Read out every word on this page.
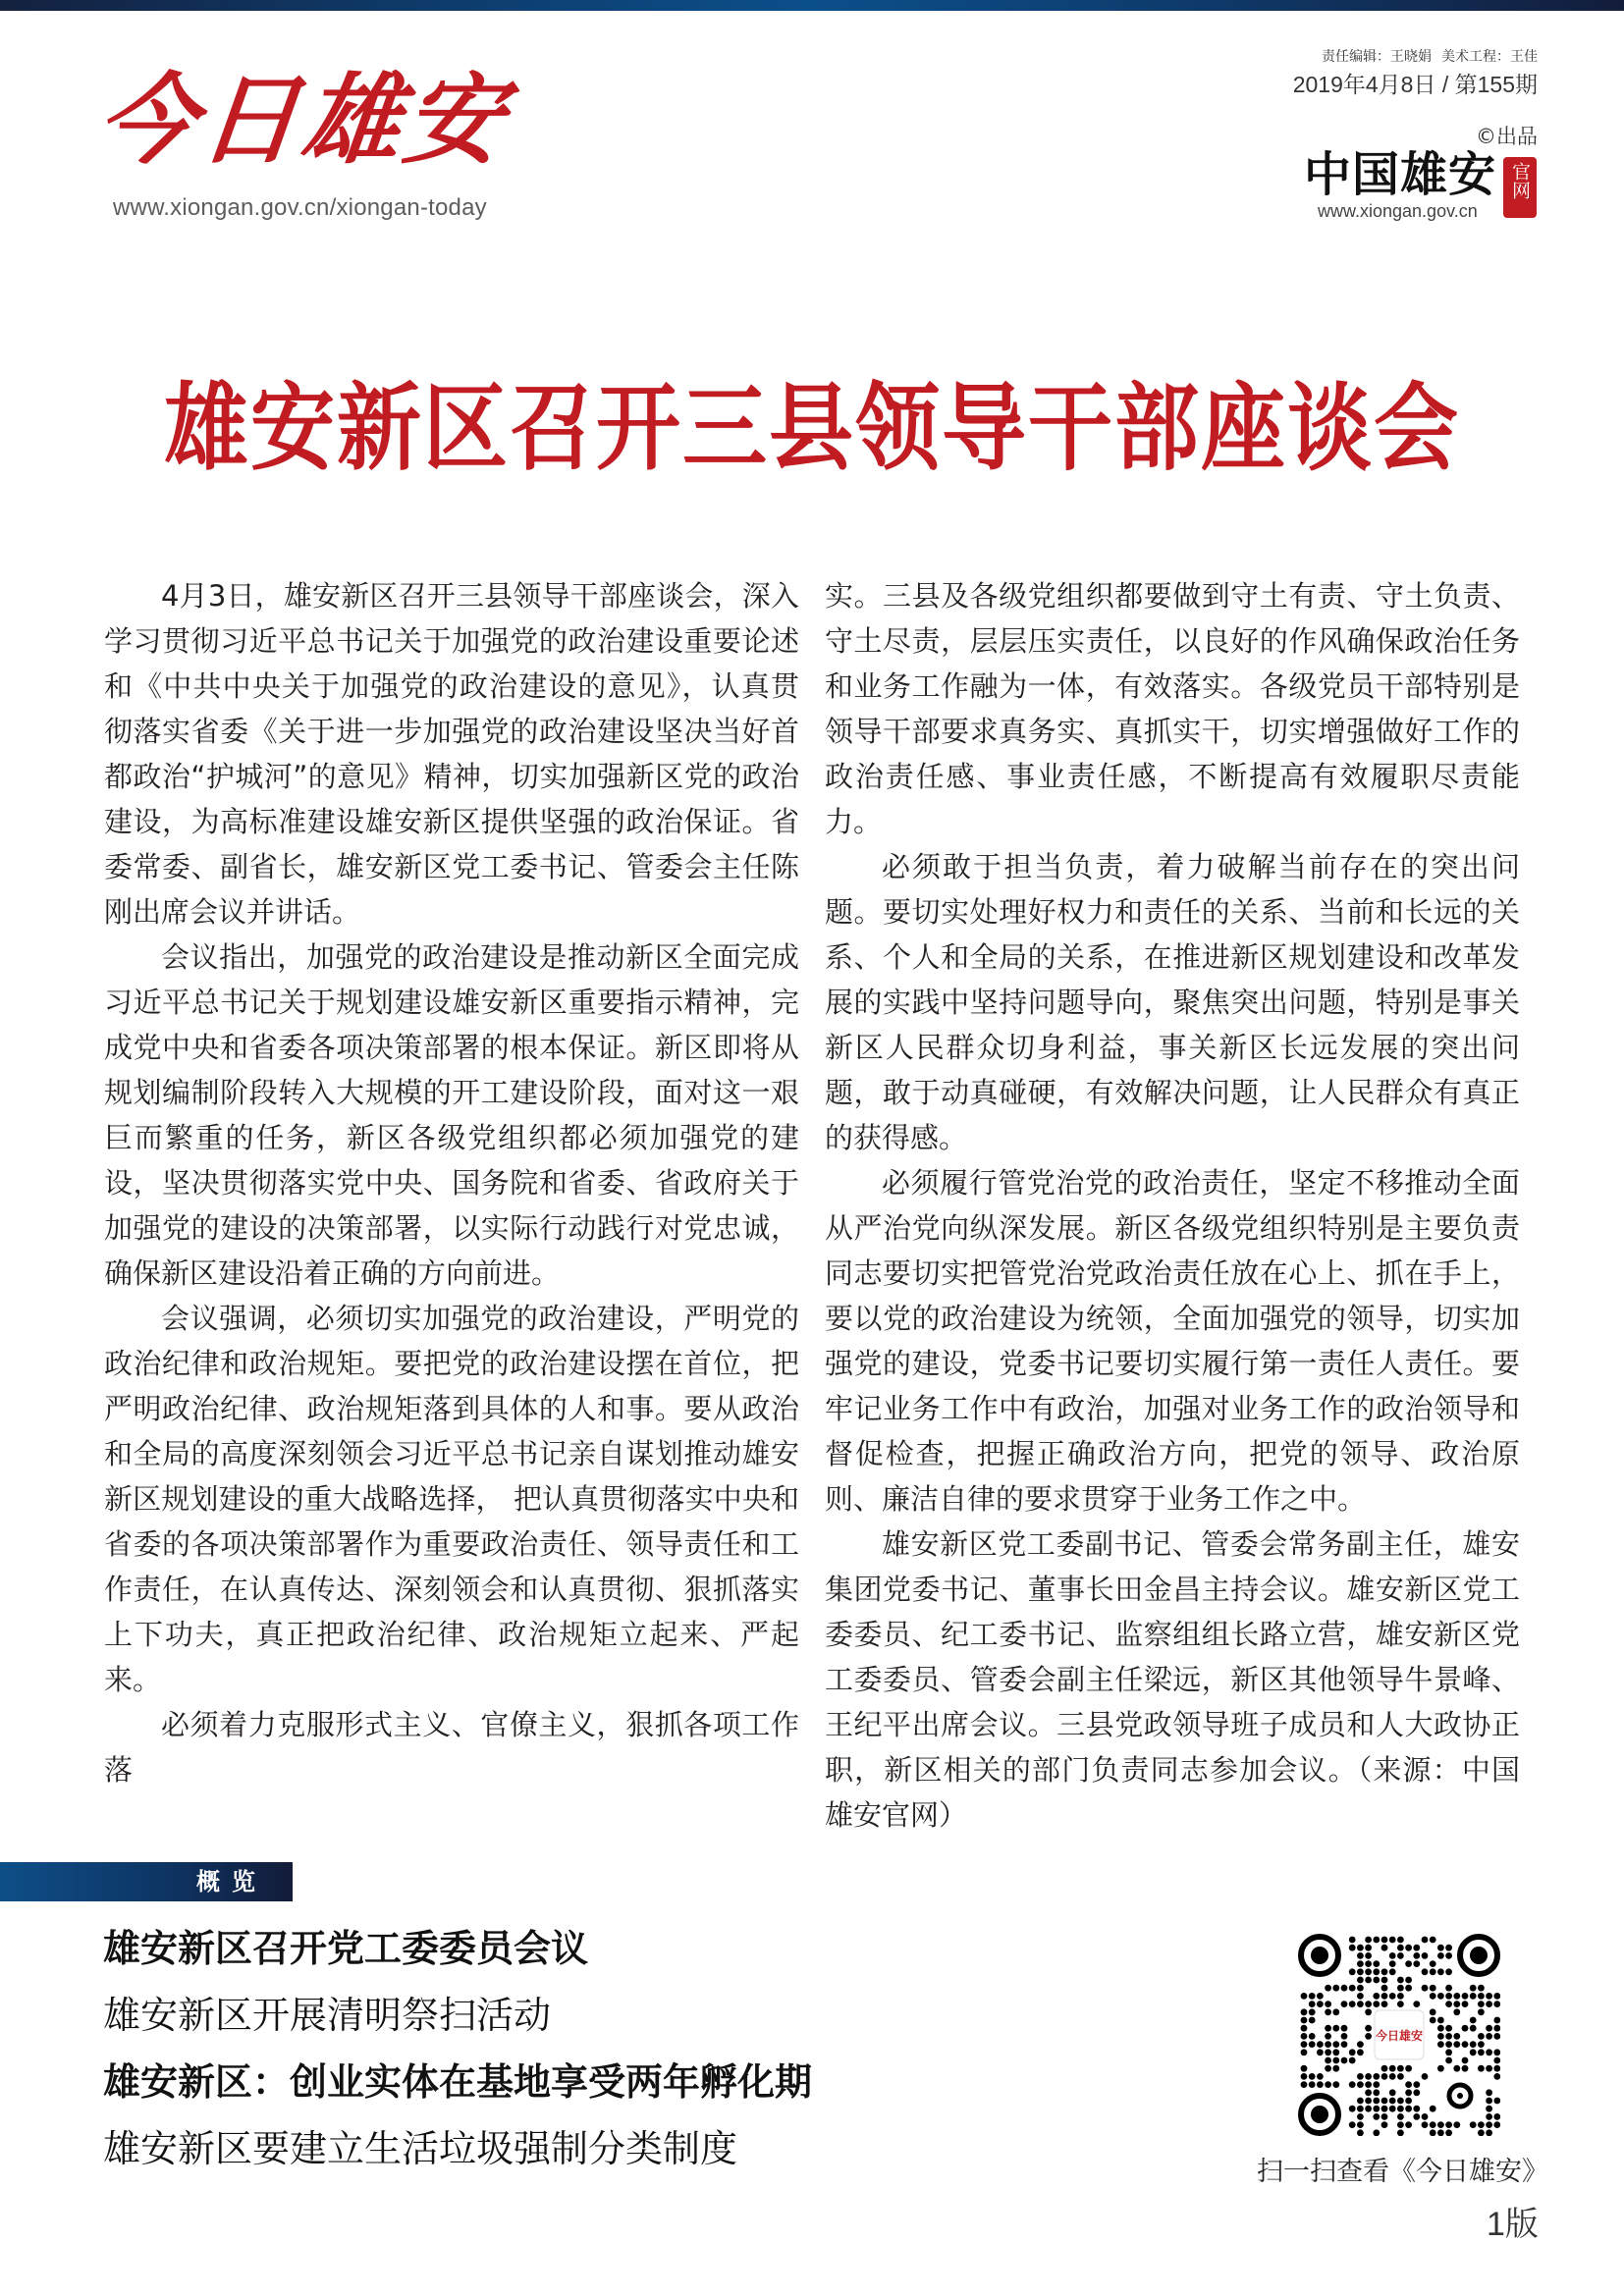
今日雄安
www.xiongan.gov.cn/xiongan-today
责任编辑：王晓娟 美术工程：王佳
2019年4月8日 / 第155期
©出品
中国雄安 官网
www.xiongan.gov.cn
雄安新区召开三县领导干部座谈会

4月3日，雄安新区召开三县领导干部座谈会，深入学习贯彻习近平总书记关于加强党的政治建设重要论述和《中共中央关于加强党的政治建设的意见》，认真贯彻落实省委《关于进一步加强党的政治建设坚决当好首都政治“护城河”的意见》精神，切实加强新区党的政治建设，为高标准建设雄安新区提供坚强的政治保证。省委常委、副省长，雄安新区党工委书记、管委会主任陈刚出席会议并讲话。

会议指出，加强党的政治建设是推动新区全面完成习近平总书记关于规划建设雄安新区重要指示精神，完成党中央和省委各项决策部署的根本保证。新区即将从规划编制阶段转入大规模的开工建设阶段，面对这一艰巨而繁重的任务，新区各级党组织都必须加强党的建设，坚决贯彻落实党中央、国务院和省委、省政府关于加强党的建设的决策部署，以实际行动践行对党忠诚，确保新区建设沿着正确的方向前进。

会议强调，必须切实加强党的政治建设，严明党的政治纪律和政治规矩。要把党的政治建设摆在首位，把严明政治纪律、政治规矩落到具体的人和事。要从政治和全局的高度深刻领会习近平总书记亲自谋划推动雄安新区规划建设的重大战略选择， 把认真贯彻落实中央和省委的各项决策部署作为重要政治责任、领导责任和工作责任，在认真传达、深刻领会和认真贯彻、狠抓落实上下功夫，真正把政治纪律、政治规矩立起来、严起来。

必须着力克服形式主义、官僚主义，狠抓各项工作落

实。三县及各级党组织都要做到守土有责、守土负责、守土尽责，层层压实责任，以良好的作风确保政治任务和业务工作融为一体，有效落实。各级党员干部特别是领导干部要求真务实、真抓实干，切实增强做好工作的政治责任感、事业责任感，不断提高有效履职尽责能力。

必须敢于担当负责，着力破解当前存在的突出问题。要切实处理好权力和责任的关系、当前和长远的关系、个人和全局的关系，在推进新区规划建设和改革发展的实践中坚持问题导向，聚焦突出问题，特别是事关新区人民群众切身利益，事关新区长远发展的突出问题，敢于动真碰硬，有效解决问题，让人民群众有真正的获得感。

必须履行管党治党的政治责任，坚定不移推动全面从严治党向纵深发展。新区各级党组织特别是主要负责同志要切实把管党治党政治责任放在心上、抓在手上，要以党的政治建设为统领，全面加强党的领导，切实加强党的建设，党委书记要切实履行第一责任人责任。要牢记业务工作中有政治，加强对业务工作的政治领导和督促检查，把握正确政治方向，把党的领导、政治原则、廉洁自律的要求贯穿于业务工作之中。

雄安新区党工委副书记、管委会常务副主任，雄安集团党委书记、董事长田金昌主持会议。雄安新区党工委委员、纪工委书记、监察组组长路立营，雄安新区党工委委员、管委会副主任梁远，新区其他领导牛景峰、王纪平出席会议。三县党政领导班子成员和人大政协正职，新区相关的部门负责同志参加会议。（来源：中国雄安官网）

概览
雄安新区召开党工委委员会议
雄安新区开展清明祭扫活动
雄安新区：创业实体在基地享受两年孵化期
雄安新区要建立生活垃圾强制分类制度
今日雄安
扫一扫查看《今日雄安》
1版
